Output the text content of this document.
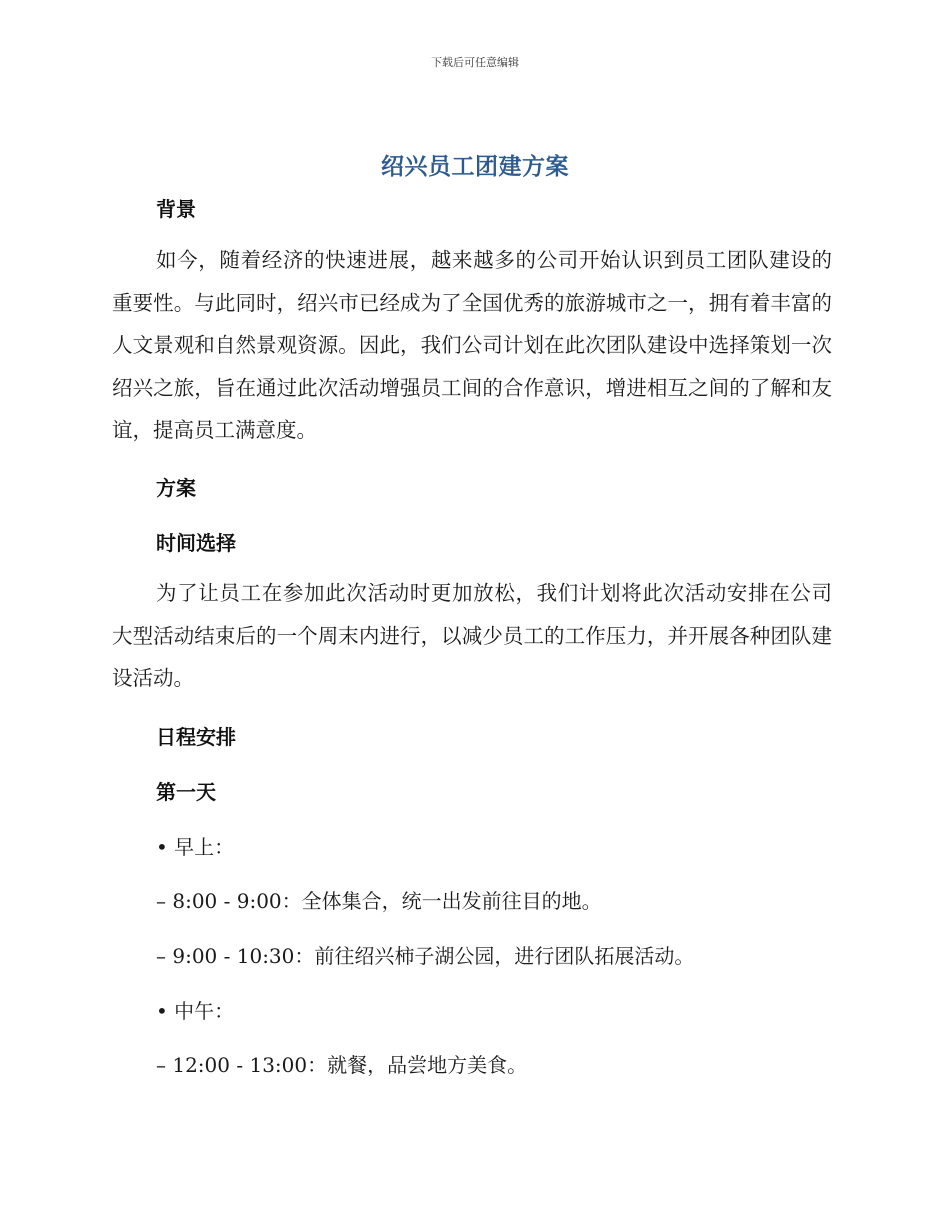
下载后可任意编辑
绍兴员工团建方案
背景
如今，随着经济的快速进展，越来越多的公司开始认识到员工团队建设的重要性。与此同时，绍兴市已经成为了全国优秀的旅游城市之一，拥有着丰富的人文景观和自然景观资源。因此，我们公司计划在此次团队建设中选择策划一次绍兴之旅，旨在通过此次活动增强员工间的合作意识，增进相互之间的了解和友谊，提高员工满意度。
方案
时间选择
为了让员工在参加此次活动时更加放松，我们计划将此次活动安排在公司大型活动结束后的一个周末内进行，以减少员工的工作压力，并开展各种团队建设活动。
日程安排
第一天
• 早上：
– 8:00 - 9:00：全体集合，统一出发前往目的地。
– 9:00 - 10:30：前往绍兴柿子湖公园，进行团队拓展活动。
• 中午：
– 12:00 - 13:00：就餐，品尝地方美食。
